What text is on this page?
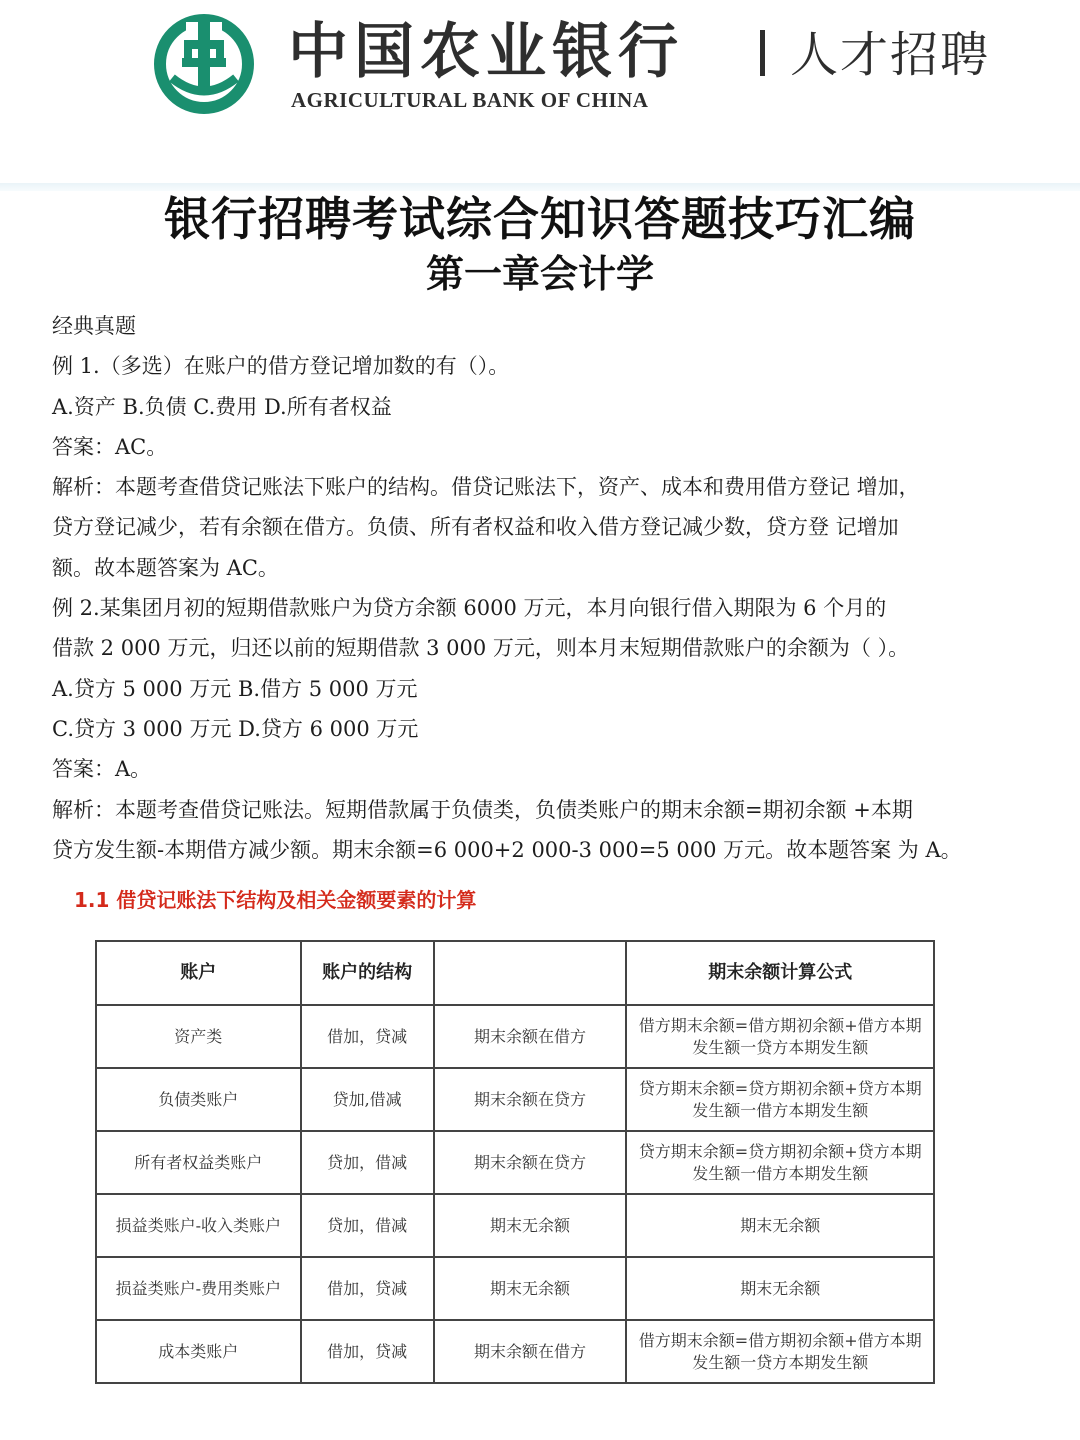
中国农业银行 人才招聘
AGRICULTURAL BANK OF CHINA
银行招聘考试综合知识答题技巧汇编
第一章会计学
经典真题
例 1.（多选）在账户的借方登记增加数的有（）。
A.资产 B.负债 C.费用 D.所有者权益
答案：AC。
解析：本题考查借贷记账法下账户的结构。借贷记账法下，资产、成本和费用借方登记 增加，
贷方登记减少，若有余额在借方。负债、所有者权益和收入借方登记减少数，贷方登 记增加
额。故本题答案为 AC。
例 2.某集团月初的短期借款账户为贷方余额 6000 万元，本月向银行借入期限为 6 个月的
借款 2 000 万元，归还以前的短期借款 3 000 万元，则本月末短期借款账户的余额为（ ）。
A.贷方 5 000 万元 B.借方 5 000 万元
C.贷方 3 000 万元 D.贷方 6 000 万元
答案：A。
解析：本题考查借贷记账法。短期借款属于负债类，负债类账户的期末余额=期初余额 +本期
贷方发生额-本期借方减少额。期末余额=6 000+2 000-3 000=5 000 万元。故本题答案 为 A。
1.1 借贷记账法下结构及相关金额要素的计算
账户	账户的结构		期末余额计算公式
资产类	借加，贷减	期末余额在借方	借方期末余额=借方期初余额+借方本期发生额一贷方本期发生额
负债类账户	贷加,借减	期末余额在贷方	贷方期末余额=贷方期初余额+贷方本期发生额一借方本期发生额
所有者权益类账户	贷加，借减	期末余额在贷方	贷方期末余额=贷方期初余额+贷方本期发生额一借方本期发生额
损益类账户-收入类账户	贷加，借减	期末无余额	期末无余额
损益类账户-费用类账户	借加，贷减	期末无余额	期末无余额
成本类账户	借加，贷减	期末余额在借方	借方期末余额=借方期初余额+借方本期发生额一贷方本期发生额
